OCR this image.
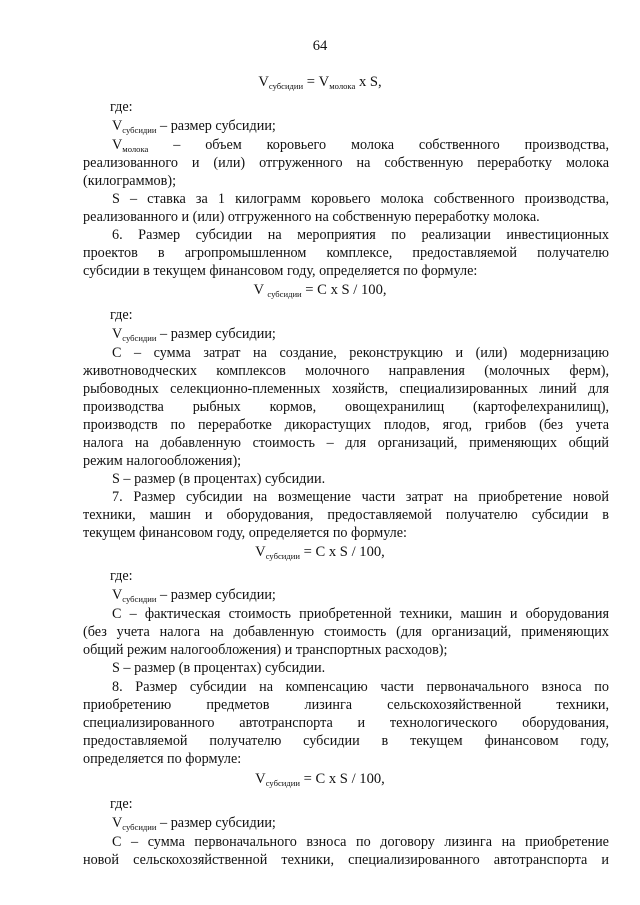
64
$V_{субсидии} = V_{молока}$ x S,
где:
$V_{субсидии}$ – размер субсидии;
$V_{молока}$ – объем коровьего молока собственного производства,
реализованного и (или) отгруженного на собственную переработку молока
(килограммов);
S – ставка за 1 килограмм коровьего молока собственного производства,
реализованного и (или) отгруженного на собственную переработку молока.
6. Размер субсидии на мероприятия по реализации инвестиционных
проектов в агропромышленном комплексе, предоставляемой получателю
субсидии в текущем финансовом году, определяется по формуле:
V $_{субсидии}$ = C x S / 100,
где:
$V_{субсидии}$ – размер субсидии;
С – сумма затрат на создание, реконструкцию и (или) модернизацию
животноводческих комплексов молочного направления (молочных ферм),
рыбоводных селекционно-племенных хозяйств, специализированных линий для
производства рыбных кормов, овощехранилищ (картофелехранилищ),
производств по переработке дикорастущих плодов, ягод, грибов (без учета
налога на добавленную стоимость – для организаций, применяющих общий
режим налогообложения);
S – размер (в процентах) субсидии.
7. Размер субсидии на возмещение части затрат на приобретение новой
техники, машин и оборудования, предоставляемой получателю субсидии в
текущем финансовом году, определяется по формуле:
$V_{субсидии} = C$ x S / 100,
где:
$V_{субсидии}$ – размер субсидии;
С – фактическая стоимость приобретенной техники, машин и оборудования
(без учета налога на добавленную стоимость (для организаций, применяющих
общий режим налогообложения) и транспортных расходов);
S – размер (в процентах) субсидии.
8. Размер субсидии на компенсацию части первоначального взноса по
приобретению предметов лизинга сельскохозяйственной техники,
специализированного автотранспорта и технологического оборудования,
предоставляемой получателю субсидии в текущем финансовом году,
определяется по формуле:
$V_{субсидии} = C$ x S / 100,
где:
$V_{субсидии}$ – размер субсидии;
С – сумма первоначального взноса по договору лизинга на приобретение
новой сельскохозяйственной техники, специализированного автотранспорта и
